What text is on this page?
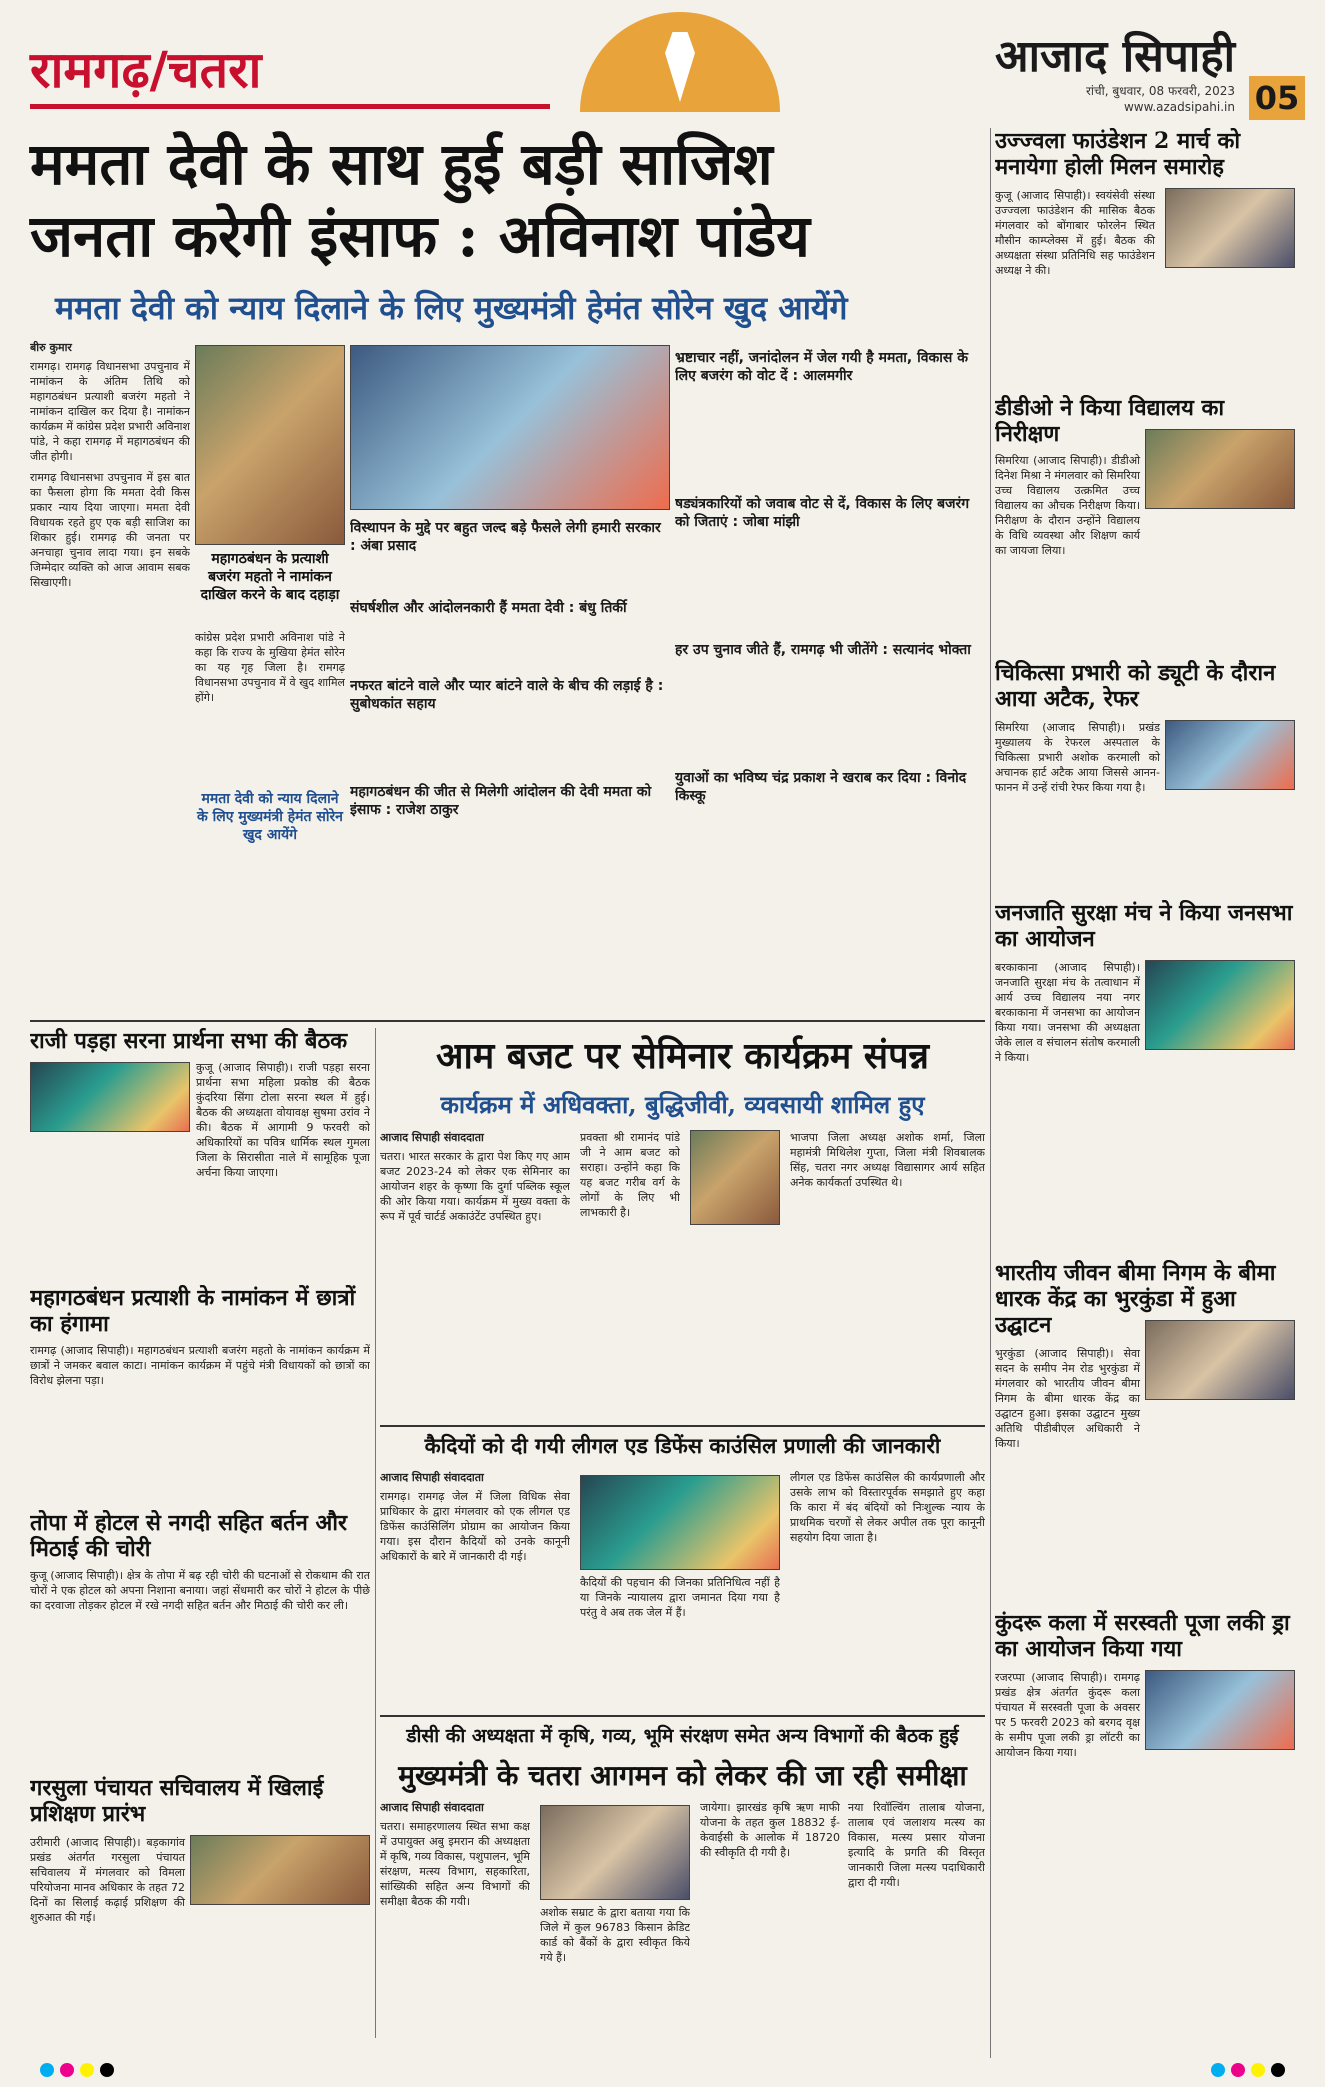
रामगढ़/चतरा	आजाद सिपाही
रांची, बुधवार, 08 फरवरी, 2023
www.azadsipahi.in 05
ममता देवी के साथ हुई बड़ी साजिश
जनता करेगी इंसाफ : अविनाश पांडेय
ममता देवी को न्याय दिलाने के लिए मुख्यमंत्री हेमंत सोरेन खुद आयेंगे
बीरु कुमार

रामगढ़। रामगढ़ विधानसभा उपचुनाव में नामांकन के अंतिम तिथि को महागठबंधन प्रत्याशी बजरंग महतो ने नामांकन दाखिल कर दिया है। नामांकन कार्यक्रम में कांग्रेस प्रदेश प्रभारी अविनाश पांडे, ने कहा रामगढ़ में महागठबंधन की जीत होगी।

रामगढ़ विधानसभा उपचुनाव में इस बात का फैसला होगा कि ममता देवी किस प्रकार न्याय दिया जाएगा। ममता देवी विधायक रहते हुए एक बड़ी साजिश का शिकार हुई। रामगढ़ की जनता पर अनचाहा चुनाव लादा गया। इन सबके जिम्मेदार व्यक्ति को आज आवाम सबक सिखाएगी।

महागठबंधन के प्रत्याशी बजरंग महतो ने नामांकन दाखिल करने के बाद दहाड़ा
कांग्रेस प्रदेश प्रभारी अविनाश पांडे ने कहा कि राज्य के मुखिया हेमंत सोरेन का यह गृह जिला है। रामगढ़ विधानसभा उपचुनाव में वे खुद शामिल होंगे।
ममता देवी को न्याय दिलाने के लिए मुख्यमंत्री हेमंत सोरेन खुद आयेंगे
विस्थापन के मुद्दे पर बहुत जल्द बड़े फैसले लेगी हमारी सरकार : अंबा प्रसाद
संघर्षशील और आंदोलनकारी हैं ममता देवी : बंधु तिर्की
नफरत बांटने वाले और प्यार बांटने वाले के बीच की लड़ाई है : सुबोधकांत सहाय
महागठबंधन की जीत से मिलेगी आंदोलन की देवी ममता को इंसाफ : राजेश ठाकुर
भ्रष्टाचार नहीं, जनांदोलन में जेल गयी है ममता, विकास के लिए बजरंग को वोट दें : आलमगीर
षड्यंत्रकारियों को जवाब वोट से दें, विकास के लिए बजरंग को जिताएं : जोबा मांझी
हर उप चुनाव जीते हैं, रामगढ़ भी जीतेंगे : सत्यानंद भोक्ता
युवाओं का भविष्य चंद्र प्रकाश ने खराब कर दिया : विनोद किस्कू
उज्ज्वला फाउंडेशन 2 मार्च को मनायेगा होली मिलन समारोह
कुजू (आजाद सिपाही)। स्वयंसेवी संस्था उज्ज्वला फाउंडेशन की मासिक बैठक मंगलवार को बोंगाबार फोरलेन स्थित मौसीन काम्प्लेक्स में हुई। बैठक की अध्यक्षता संस्था प्रतिनिधि सह फाउंडेशन अध्यक्ष ने की।
डीडीओ ने किया विद्यालय का निरीक्षण
सिमरिया (आजाद सिपाही)। डीडीओ दिनेश मिश्रा ने मंगलवार को सिमरिया उच्च विद्यालय उत्क्रमित उच्च विद्यालय का औचक निरीक्षण किया। निरीक्षण के दौरान उन्होंने विद्यालय के विधि व्यवस्था और शिक्षण कार्य का जायजा लिया।
चिकित्सा प्रभारी को ड्यूटी के दौरान आया अटैक, रेफर
सिमरिया (आजाद सिपाही)। प्रखंड मुख्यालय के रेफरल अस्पताल के चिकित्सा प्रभारी अशोक करमाली को अचानक हार्ट अटैक आया जिससे आनन-फानन में उन्हें रांची रेफर किया गया है।
जनजाति सुरक्षा मंच ने किया जनसभा का आयोजन
बरकाकाना (आजाद सिपाही)। जनजाति सुरक्षा मंच के तत्वाधान में आर्य उच्च विद्यालय नया नगर बरकाकाना में जनसभा का आयोजन किया गया। जनसभा की अध्यक्षता जेके लाल व संचालन संतोष करमाली ने किया।
भारतीय जीवन बीमा निगम के बीमा धारक केंद्र का भुरकुंडा में हुआ उद्घाटन
भुरकुंडा (आजाद सिपाही)। सेवा सदन के समीप नेम रोड भुरकुंडा में मंगलवार को भारतीय जीवन बीमा निगम के बीमा धारक केंद्र का उद्घाटन हुआ। इसका उद्घाटन मुख्य अतिथि पीडीबीएल अधिकारी ने किया।
कुंदरू कला में सरस्वती पूजा लकी ड्रा का आयोजन किया गया
रजरप्पा (आजाद सिपाही)। रामगढ़ प्रखंड क्षेत्र अंतर्गत कुंदरू कला पंचायत में सरस्वती पूजा के अवसर पर 5 फरवरी 2023 को बरगद वृक्ष के समीप पूजा लकी ड्रा लॉटरी का आयोजन किया गया।
राजी पड़हा सरना प्रार्थना सभा की बैठक
कुजू (आजाद सिपाही)। राजी पड़हा सरना प्रार्थना सभा महिला प्रकोष्ठ की बैठक कुंदरिया सिंगा टोला सरना स्थल में हुई। बैठक की अध्यक्षता वोयावक्ष सुषमा उरांव ने की। बैठक में आगामी 9 फरवरी को अधिकारियों का पवित्र धार्मिक स्थल गुमला जिला के सिरासीता नाले में सामूहिक पूजा अर्चना किया जाएगा।
महागठबंधन प्रत्याशी के नामांकन में छात्रों का हंगामा
रामगढ़ (आजाद सिपाही)। महागठबंधन प्रत्याशी बजरंग महतो के नामांकन कार्यक्रम में छात्रों ने जमकर बवाल काटा। नामांकन कार्यक्रम में पहुंचे मंत्री विधायकों को छात्रों का विरोध झेलना पड़ा।
तोपा में होटल से नगदी सहित बर्तन और मिठाई की चोरी
कुजू (आजाद सिपाही)। क्षेत्र के तोपा में बढ़ रही चोरी की घटनाओं से रोकथाम की रात चोरों ने एक होटल को अपना निशाना बनाया। जहां सेंधमारी कर चोरों ने होटल के पीछे का दरवाजा तोड़कर होटल में रखे नगदी सहित बर्तन और मिठाई की चोरी कर ली।
गरसुला पंचायत सचिवालय में खिलाई प्रशिक्षण प्रारंभ
उरीमारी (आजाद सिपाही)। बड़कागांव प्रखंड अंतर्गत गरसुला पंचायत सचिवालय में मंगलवार को विमला परियोजना मानव अधिकार के तहत 72 दिनों का सिलाई कढ़ाई प्रशिक्षण की शुरुआत की गई।
आम बजट पर सेमिनार कार्यक्रम संपन्न
कार्यक्रम में अधिवक्ता, बुद्धिजीवी, व्यवसायी शामिल हुए
आजाद सिपाही संवाददाता

चतरा। भारत सरकार के द्वारा पेश किए गए आम बजट 2023-24 को लेकर एक सेमिनार का आयोजन शहर के कृष्णा कि दुर्गा पब्लिक स्कूल की ओर किया गया। कार्यक्रम में मुख्य वक्ता के रूप में पूर्व चार्टर्ड अकाउंटेंट उपस्थित हुए।

प्रवक्ता श्री रामानंद पांडे जी ने आम बजट को सराहा। उन्होंने कहा कि यह बजट गरीब वर्ग के लोगों के लिए भी लाभकारी है।
भाजपा जिला अध्यक्ष अशोक शर्मा, जिला महामंत्री मिथिलेश गुप्ता, जिला मंत्री शिवबालक सिंह, चतरा नगर अध्यक्ष विद्यासागर आर्य सहित अनेक कार्यकर्ता उपस्थित थे।
कैदियों को दी गयी लीगल एड डिफेंस काउंसिल प्रणाली की जानकारी
आजाद सिपाही संवाददाता

रामगढ़। रामगढ़ जेल में जिला विधिक सेवा प्राधिकार के द्वारा मंगलवार को एक लीगल एड डिफेंस काउंसिलिंग प्रोग्राम का आयोजन किया गया। इस दौरान कैदियों को उनके कानूनी अधिकारों के बारे में जानकारी दी गई।

कैदियों की पहचान की जिनका प्रतिनिधित्व नहीं है या जिनके न्यायालय द्वारा जमानत दिया गया है परंतु वे अब तक जेल में हैं।
लीगल एड डिफेंस काउंसिल की कार्यप्रणाली और उसके लाभ को विस्तारपूर्वक समझाते हुए कहा कि कारा में बंद बंदियों को निःशुल्क न्याय के प्राथमिक चरणों से लेकर अपील तक पूरा कानूनी सहयोग दिया जाता है।
डीसी की अध्यक्षता में कृषि, गव्य, भूमि संरक्षण समेत अन्य विभागों की बैठक हुई
मुख्यमंत्री के चतरा आगमन को लेकर की जा रही समीक्षा
आजाद सिपाही संवाददाता

चतरा। समाहरणालय स्थित सभा कक्ष में उपायुक्त अबु इमरान की अध्यक्षता में कृषि, गव्य विकास, पशुपालन, भूमि संरक्षण, मत्स्य विभाग, सहकारिता, सांख्यिकी सहित अन्य विभागों की समीक्षा बैठक की गयी।

अशोक सम्राट के द्वारा बताया गया कि जिले में कुल 96783 किसान क्रेडिट कार्ड को बैंकों के द्वारा स्वीकृत किये गये हैं।
जायेगा। झारखंड कृषि ऋण माफी योजना के तहत कुल 18832 ई-केवाईसी के आलोक में 18720 की स्वीकृति दी गयी है।
नया रिवॉल्विंग तालाब योजना, तालाब एवं जलाशय मत्स्य का विकास, मत्स्य प्रसार योजना इत्यादि के प्रगति की विस्तृत जानकारी जिला मत्स्य पदाधिकारी द्वारा दी गयी।
